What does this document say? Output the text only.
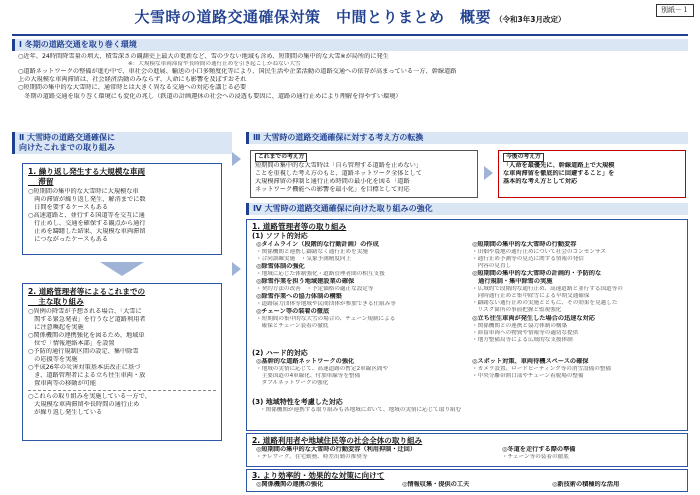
大雪時の道路交通確保対策　中間とりまとめ　概要 （令和3年3月改定）
別紙－１
Ⅰ 冬期の道路交通を取り巻く環境
○近年、24時間降雪量の増大、積雪深さの観測史上最大の更新など、雪の少ない地域も含め、短期間の集中的な大雪※が局所的に発生
※：大規模な車両滞留や長時間の通行止めを引き起こしかねない大雪
○道路ネットワークの整備が進む中で、車社会の進展、輸送の小口多頻度化等により、国民生活や企業活動の道路交通への依存が高まっている一方、幹線道路
上の大規模な車両滞留は、社会経済活動のみならず、人命にも影響を及ぼすおそれ
○短期間の集中的な大雪時に、通常時とは大きく異なる交通への対応を講じる必要
　冬期の道路交通を取り巻く環境にも変化の兆し（鉄道の計画運休の社会への浸透も要因に、道路の通行止めにより理解を得やすい環境）
Ⅱ 大雪時の道路交通確保に
向けたこれまでの取り組み
1. 繰り返し発生する大規模な車両
　 滞留
○短期間の集中的な大雪時に大規模な車
　両の滞留が繰り返し発生、解消までに数
　日間を要するケースもある
○高速道路と、並行する国道等を交互に通
　行止めし、交通を確保する観点から通行
　止めを躊躇した結果、大規模な車両滞留
　につながったケースもある
2. 道路管理者等によるこれまでの
　 主な取り組み
○異例の降雪が予想される場合、「大雪に
　関する緊急発表」を行うなど道路利用者
　に注意喚起を実施
○関係機関の連携強化を図るため、地域単
　位で「情報連絡本部」を設置
○予防的通行規制区間の設定、集中除雪
　の応援等を実施
○平成26年の災害対策基本法改正に基づ
　き、道路管理者による立ち往生車両・放
　置車両等の移動が可能
○これらの取り組みを実施している一方で、
　大規模な車両滞留や長時間の通行止め
　が繰り返し発生している
Ⅲ 大雪時の道路交通確保に対する考え方の転換
これまでの考え方
短期間の集中的な大雪時は「自ら管理する道路を止めない」
ことを重視した考え方のもと、道路ネットワーク全体として
大規模滞留の抑制と通行止め時間の最小化を図る「道路
ネットワーク機能への影響を最小化」を目標として対応
今後の考え方
「人命を最優先に、幹線道路上で大規模
な車両滞留を徹底的に回避すること」を
基本的な考え方として対応
Ⅳ 大雪時の道路交通確保に向けた取り組みの強化
1. 道路管理者等の取り組み
(1) ソフト的対応
◎タイムライン（段階的な行動計画）の作成
・関係機関と連携し躊躇なく通行止めを実施
・合同訓練実施　・気象予測精度向上
◎除雪体制の強化
・地域に応じた体制強化・道路管理者間の相互支援
◎除雪作業を担う地域建設業の確保
・契約方法の改善　・予定価格の適正な設定等
◎除雪作業への協力体制の構築
・道路協力団体等地域や民間団体が参加できる仕組み等
◎チェーン等の装着の徹底
・短期間の集中的な大雪の場合の、チェーン規制による
　確保とチェーン装着の徹底
◎短期間の集中的な大雪時の行動変容
・田畑や農地の通行止めについて社会のコンセンサス
・通行止め予測等の見込に関する情報の発信
　内容の見直し
◎短期間の集中的な大雪時の計画的・予防的な
　通行規制・集中除雪の実施
・広域的で段階的な通行止め、高速道路と並行する国道等の
　同時通行止めと集中除雪による早期交通確保
・躊躇ない通行止めの実施とともに、その効果を見越した
　リスク箇所の事前把握と監視強化
◎立ち往生車両が発生した場合の迅速な対応
・関係機関との連携と協力体制の構築
・滞留車両への物資や情報等の適切な提供
・地方整備局等による広域的な支援体制
(2) ハード的対応
◎基幹的な道路ネットワークの強化
・地域の実情に応じて、高速道路の暫定2車線区間や
　主要国道の4車線化、付加車線等を整備
　ダブルネットワークの強化
◎スポット対策、車両待機スペースの確保
・カメラ設置、ロードヒーティング等の消雪設備の整備
・中央分離帯開口部やチェーン着脱場の整備
(3) 地域特性を考慮した対応
・関係機関が連携する取り組みも各地域において、地域の実情に応じて取り組む
2. 道路利用者や地域住民等の社会全体の取り組み
◎短期間の集中的な大雪時の行動変容（利用抑制・迂回）
・テレワーク、在宅勤務、時差出勤の推奨等
◎冬道を走行する際の準備
・チェーン等の装着の徹底
3. より効率的・効果的な対策に向けて
◎関係機関の連携の強化	◎情報収集・提供の工夫	◎新技術の積極的な活用
